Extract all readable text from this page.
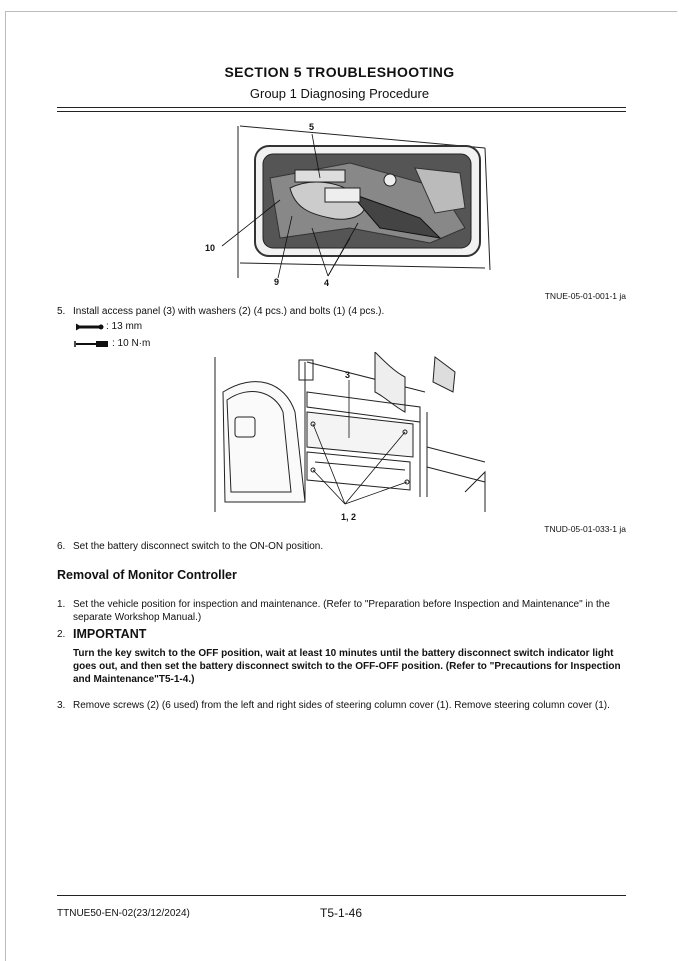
SECTION 5 TROUBLESHOOTING
Group 1 Diagnosing Procedure
5
10
9	4
TNUE-05-01-001-1 ja
5. Install access panel (3) with washers (2) (4 pcs.) and bolts (1) (4 pcs.).
: 13 mm
: 10 N·m
3
1, 2
TNUD-05-01-033-1 ja
6. Set the battery disconnect switch to the ON-ON position.
Removal of Monitor Controller
1. Set the vehicle position for inspection and maintenance. (Refer to "Preparation before Inspection and Maintenance" in the separate Workshop Manual.)
2. IMPORTANT
Turn the key switch to the OFF position, wait at least 10 minutes until the battery disconnect switch indicator light goes out, and then set the battery disconnect switch to the OFF-OFF position. (Refer to "Precautions for Inspection and Maintenance"T5-1-4.)
3. Remove screws (2) (6 used) from the left and right sides of steering column cover (1). Remove steering column cover (1).
TTNUE50-EN-02(23/12/2024)	T5-1-46
